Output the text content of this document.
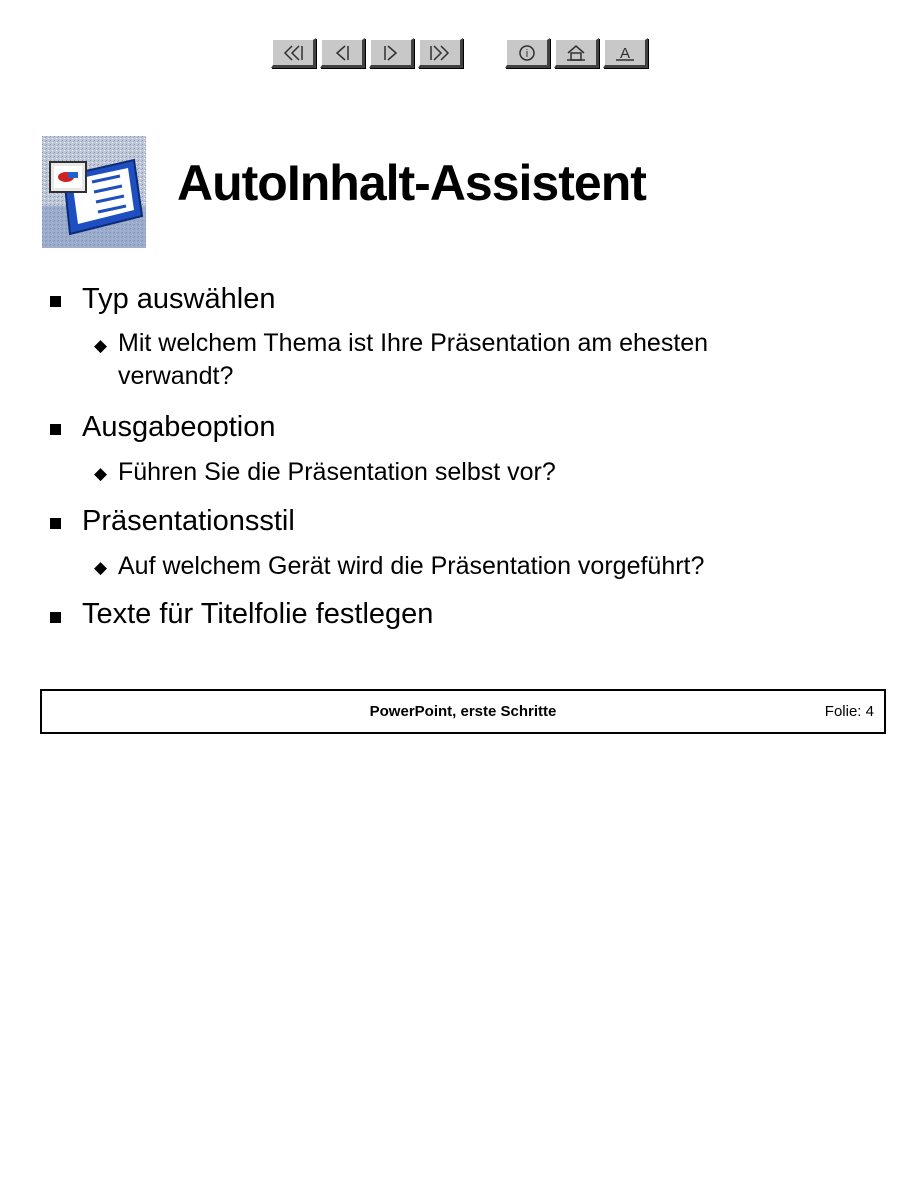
i	A
AutoInhalt-Assistent
Typ auswählen
◆ Mit welchem Thema ist Ihre Präsentation am ehesten verwandt?
Ausgabeoption
◆ Führen Sie die Präsentation selbst vor?
Präsentationsstil
◆ Auf welchem Gerät wird die Präsentation vorgeführt?
Texte für Titelfolie festlegen
PowerPoint, erste Schritte	Folie: 4
